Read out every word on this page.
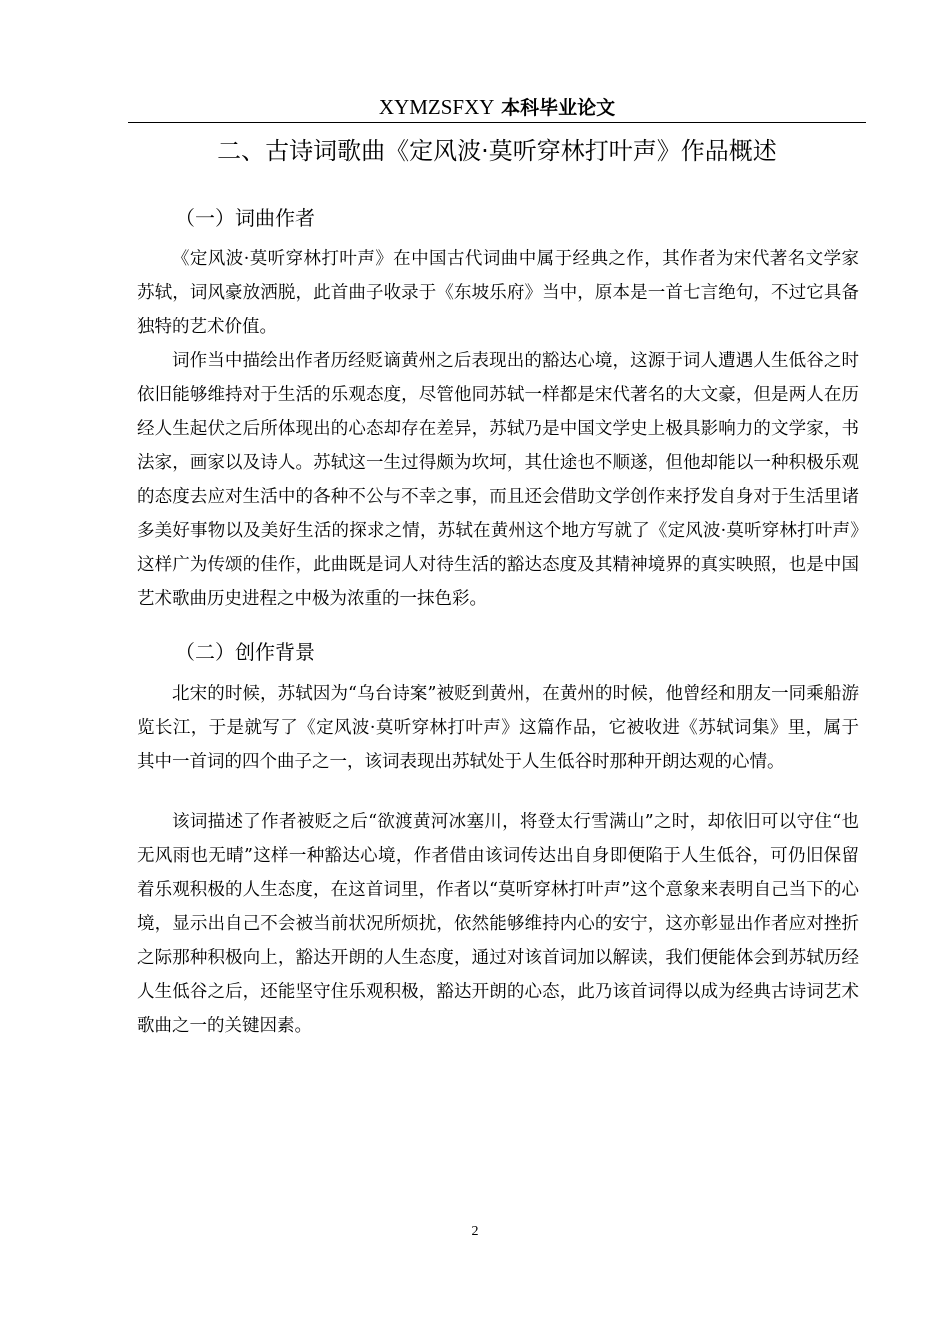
XYMZSFXY 本科毕业论文
二、古诗词歌曲《定风波·莫听穿林打叶声》作品概述
（一）词曲作者

《定风波·莫听穿林打叶声》在中国古代词曲中属于经典之作，其作者为宋代著名文学家苏轼，词风豪放洒脱，此首曲子收录于《东坡乐府》当中，原本是一首七言绝句，不过它具备独特的艺术价值。

词作当中描绘出作者历经贬谪黄州之后表现出的豁达心境，这源于词人遭遇人生低谷之时依旧能够维持对于生活的乐观态度，尽管他同苏轼一样都是宋代著名的大文豪，但是两人在历经人生起伏之后所体现出的心态却存在差异，苏轼乃是中国文学史上极具影响力的文学家，书法家，画家以及诗人。苏轼这一生过得颇为坎坷，其仕途也不顺遂，但他却能以一种积极乐观的态度去应对生活中的各种不公与不幸之事，而且还会借助文学创作来抒发自身对于生活里诸多美好事物以及美好生活的探求之情，苏轼在黄州这个地方写就了《定风波·莫听穿林打叶声》这样广为传颂的佳作，此曲既是词人对待生活的豁达态度及其精神境界的真实映照，也是中国艺术歌曲历史进程之中极为浓重的一抹色彩。

（二）创作背景

北宋的时候，苏轼因为“乌台诗案”被贬到黄州，在黄州的时候，他曾经和朋友一同乘船游览长江，于是就写了《定风波·莫听穿林打叶声》这篇作品，它被收进《苏轼词集》里，属于其中一首词的四个曲子之一，该词表现出苏轼处于人生低谷时那种开朗达观的心情。

该词描述了作者被贬之后“欲渡黄河冰塞川，将登太行雪满山”之时，却依旧可以守住“也无风雨也无晴”这样一种豁达心境，作者借由该词传达出自身即便陷于人生低谷，可仍旧保留着乐观积极的人生态度，在这首词里，作者以“莫听穿林打叶声”这个意象来表明自己当下的心境，显示出自己不会被当前状况所烦扰，依然能够维持内心的安宁，这亦彰显出作者应对挫折之际那种积极向上，豁达开朗的人生态度，通过对该首词加以解读，我们便能体会到苏轼历经人生低谷之后，还能坚守住乐观积极，豁达开朗的心态，此乃该首词得以成为经典古诗词艺术歌曲之一的关键因素。

2
